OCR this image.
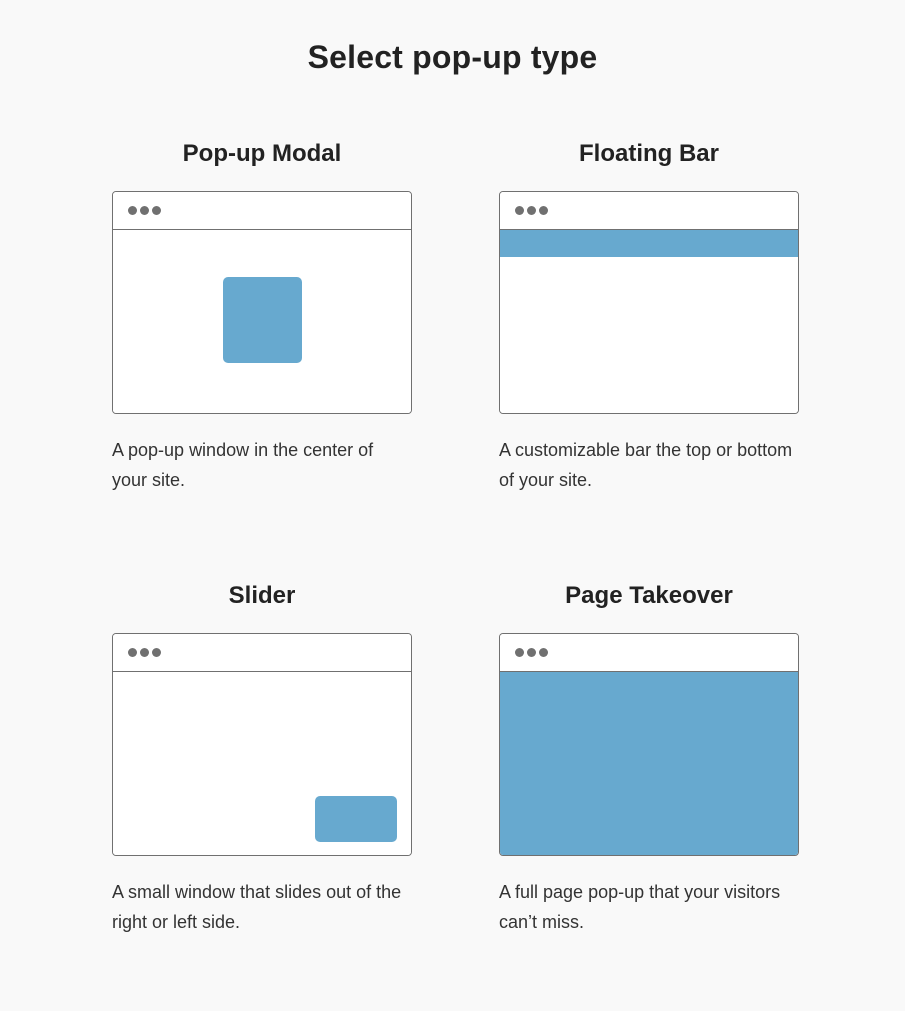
Select pop-up type
Pop-up Modal
A pop-up window in the center of your site.
Floating Bar
A customizable bar the top or bottom of your site.
Slider
A small window that slides out of the right or left side.
Page Takeover
A full page pop-up that your visitors can’t miss.
